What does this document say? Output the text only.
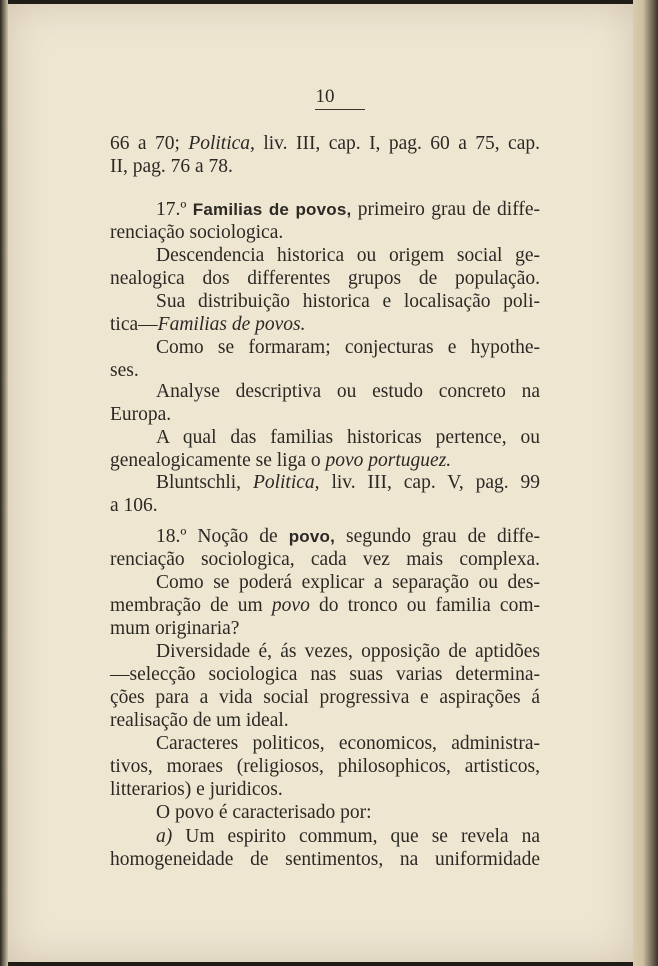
10
66 a 70; Politica, liv. III, cap. I, pag. 60 a 75, cap.
II, pag. 76 a 78.
17.º Familias de povos, primeiro grau de diffe-
renciação sociologica.
Descendencia historica ou origem social ge-
nealogica dos differentes grupos de população.
Sua distribuição historica e localisação poli-
tica—Familias de povos.
Como se formaram; conjecturas e hypothe-
ses.
Analyse descriptiva ou estudo concreto na
Europa.
A qual das familias historicas pertence, ou
genealogicamente se liga o povo portuguez.
Bluntschli, Politica, liv. III, cap. V, pag. 99
a 106.
18.º Noção de povo, segundo grau de diffe-
renciação sociologica, cada vez mais complexa.
Como se poderá explicar a separação ou des-
membração de um povo do tronco ou familia com-
mum originaria?
Diversidade é, ás vezes, opposição de aptidões
—selecção sociologica nas suas varias determina-
ções para a vida social progressiva e aspirações á
realisação de um ideal.
Caracteres politicos, economicos, administra-
tivos, moraes (religiosos, philosophicos, artisticos,
litterarios) e juridicos.
O povo é caracterisado por:
a) Um espirito commum, que se revela na
homogeneidade de sentimentos, na uniformidade
